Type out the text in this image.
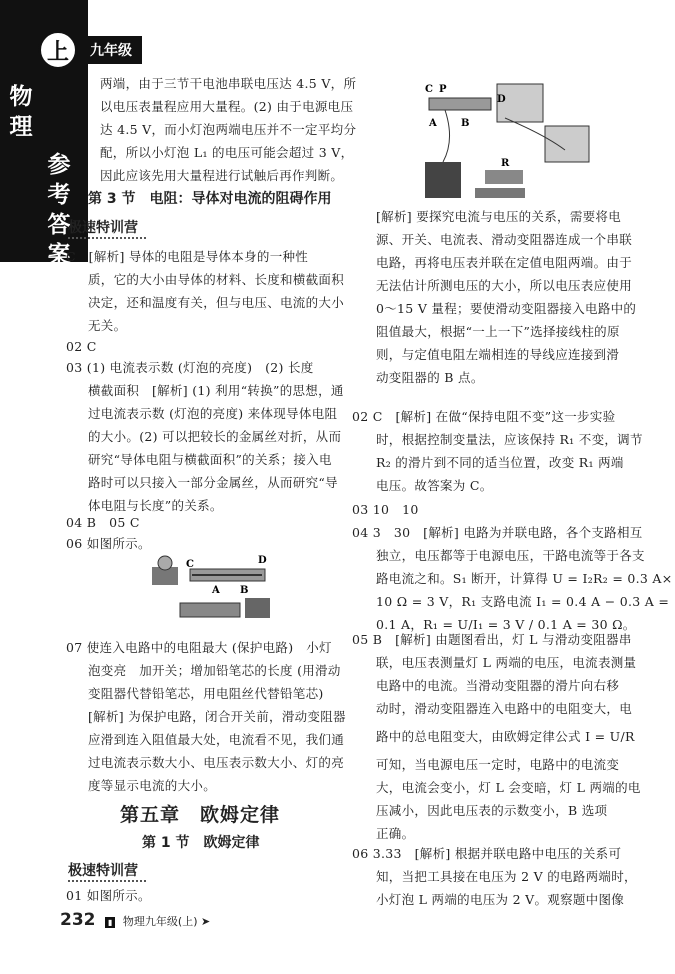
上	九年级
物理
参考答案
两端，由于三节干电池串联电压达 4.5 V，所
以电压表量程应用大量程。(2) 由于电源电压
达 4.5 V，而小灯泡两端电压并不一定平均分
配，所以小灯泡 L₁ 的电压可能会超过 3 V，
因此应该先用大量程进行试触后再作判断。
第 3 节　电阻：导体对电流的阻碍作用
极速特训营
C　[解析] 导体的电阻是导体本身的一种性
质，它的大小由导体的材料、长度和横截面积
决定，还和温度有关，但与电压、电流的大小
无关。
02 C
03 (1) 电流表示数 (灯泡的亮度)　(2) 长度
横截面积　[解析] (1) 利用“转换”的思想，通
过电流表示数 (灯泡的亮度) 来体现导体电阻
的大小。(2) 可以把较长的金属丝对折，从而
研究“导体电阻与横截面积”的关系；接入电
路时可以只接入一部分金属丝，从而研究“导
体电阻与长度”的关系。
04 B　05 C
06 如图所示。
C	D
A B
07 使连入电路中的电阻最大 (保护电路)　小灯
泡变亮　加开关；增加铅笔芯的长度 (用滑动
变阻器代替铅笔芯，用电阻丝代替铅笔芯)
[解析] 为保护电路，闭合开关前，滑动变阻器
应滑到连入阻值最大处，电流看不见，我们通
过电流表示数大小、电压表示数大小、灯的亮
度等显示电流的大小。
第五章　欧姆定律
第 1 节　欧姆定律
极速特训营
01 如图所示。
C P
D
A B
R
[解析] 要探究电流与电压的关系，需要将电
源、开关、电流表、滑动变阻器连成一个串联
电路，再将电压表并联在定值电阻两端。由于
无法估计所测电压的大小，所以电压表应使用
0～15 V 量程；要使滑动变阻器接入电路中的
阻值最大，根据“一上一下”选择接线柱的原
则，与定值电阻左端相连的导线应连接到滑
动变阻器的 B 点。
02 C　[解析] 在做“保持电阻不变”这一步实验
时，根据控制变量法，应该保持 R₁ 不变，调节
R₂ 的滑片到不同的适当位置，改变 R₁ 两端
电压。故答案为 C。
03 10　10
04 3　30　[解析] 电路为并联电路，各个支路相互
独立，电压都等于电源电压，干路电流等于各支
路电流之和。S₁ 断开，计算得 U = I₂R₂ = 0.3 A×
10 Ω = 3 V，R₁ 支路电流 I₁ = 0.4 A − 0.3 A =
0.1 A，R₁ = U/I₁ = 3 V / 0.1 A = 30 Ω。
05 B　[解析] 由题图看出，灯 L 与滑动变阻器串
联，电压表测量灯 L 两端的电压，电流表测量
电路中的电流。当滑动变阻器的滑片向右移
动时，滑动变阻器连入电路中的电阻变大，电
路中的总电阻变大，由欧姆定律公式 I = U/R
可知，当电源电压一定时，电路中的电流变
大，电流会变小，灯 L 会变暗，灯 L 两端的电
压减小，因此电压表的示数变小，B 选项
正确。
06 3.33　[解析] 根据并联电路中电压的关系可
知，当把工具接在电压为 2 V 的电路两端时，
小灯泡 L 两端的电压为 2 V。观察题中图像
232 ▮ 物理九年级(上) ➤
